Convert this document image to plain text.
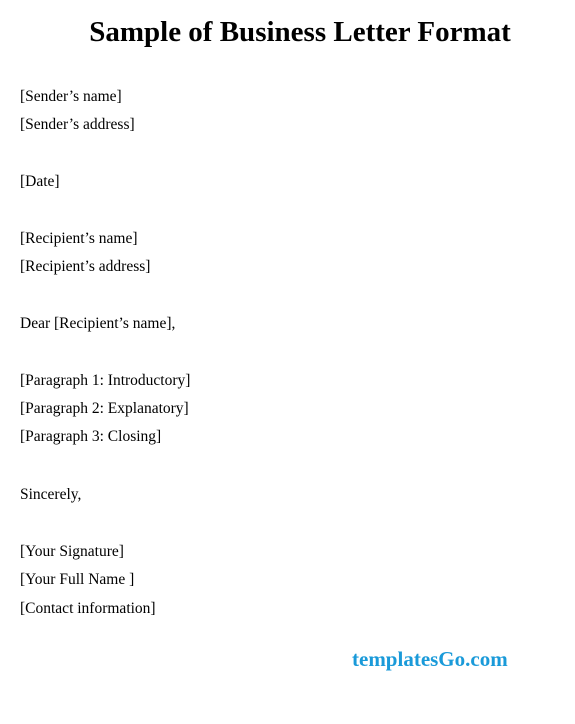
Sample of Business Letter Format
[Sender’s name]
[Sender’s address]
[Date]
[Recipient’s name]
[Recipient’s address]
Dear [Recipient’s name],
[Paragraph 1: Introductory]
[Paragraph 2: Explanatory]
[Paragraph 3: Closing]
Sincerely,
[Your Signature]
[Your Full Name ]
[Contact information]
templatesGo.com
